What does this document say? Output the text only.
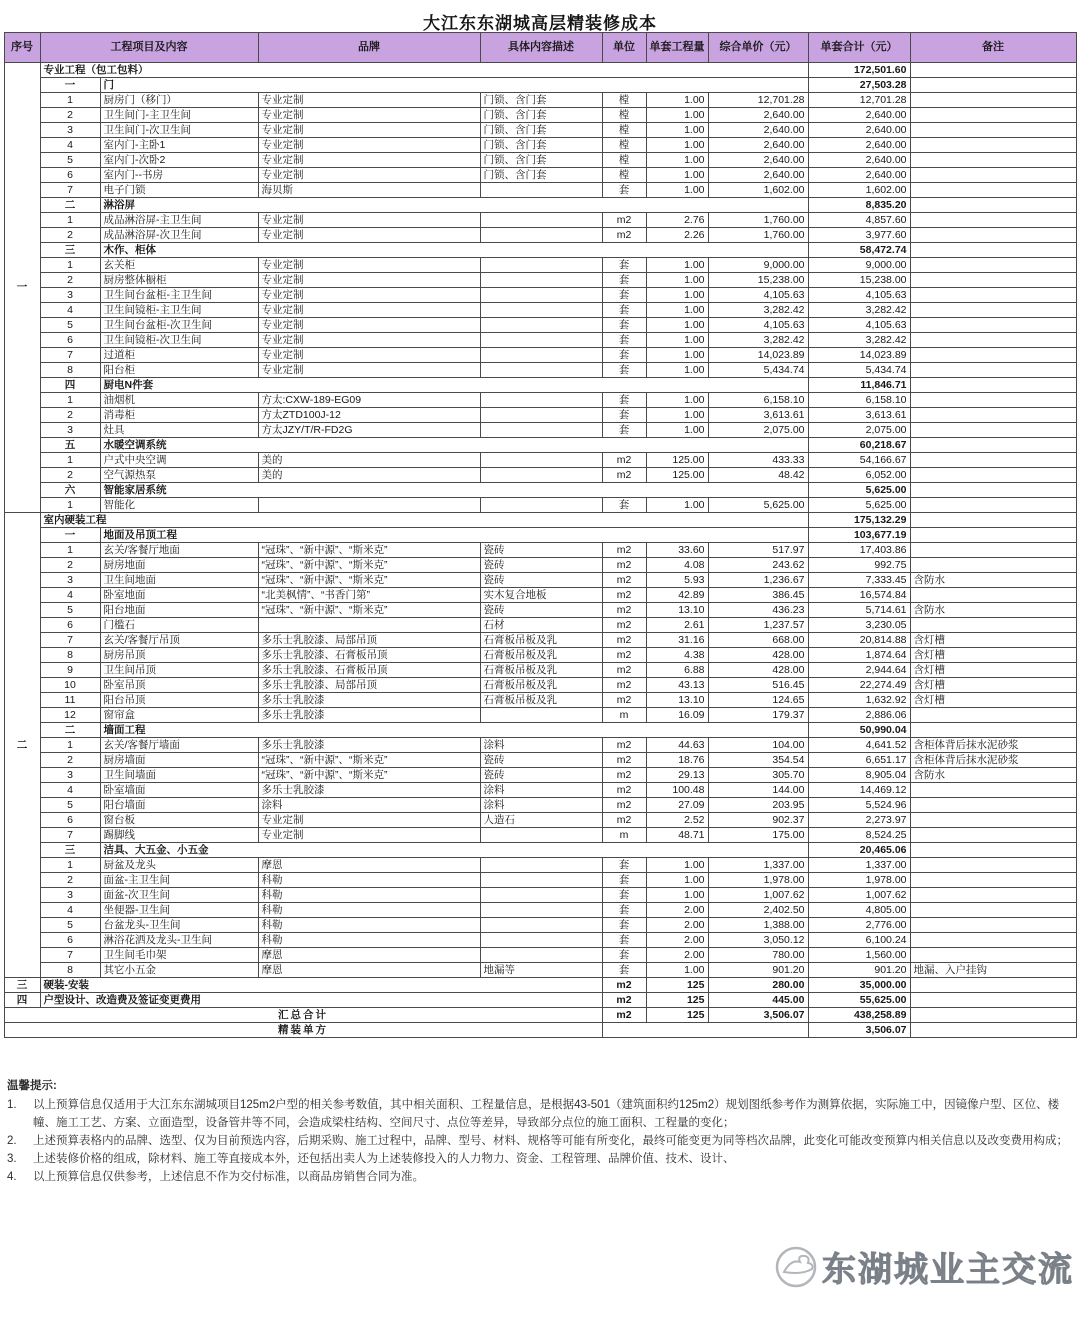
大江东东湖城高层精装修成本
序号	工程项目及内容		品牌	具体内容描述	单位	单套工程量	综合单价（元）	单套合计（元）	备注
一	专业工程（包工包料）							172,501.60	
	一	门						27,503.28	
	1	厨房门（移门）	专业定制	门锁、含门套	樘	1.00	12,701.28	12,701.28	
	2	卫生间门-主卫生间	专业定制	门锁、含门套	樘	1.00	2,640.00	2,640.00	
	3	卫生间门-次卫生间	专业定制	门锁、含门套	樘	1.00	2,640.00	2,640.00	
	4	室内门-主卧1	专业定制	门锁、含门套	樘	1.00	2,640.00	2,640.00	
	5	室内门-次卧2	专业定制	门锁、含门套	樘	1.00	2,640.00	2,640.00	
	6	室内门--书房	专业定制	门锁、含门套	樘	1.00	2,640.00	2,640.00	
	7	电子门锁	海贝斯		套	1.00	1,602.00	1,602.00	
	二	淋浴屏						8,835.20	
	1	成品淋浴屏-主卫生间	专业定制		m2	2.76	1,760.00	4,857.60	
	2	成品淋浴屏-次卫生间	专业定制		m2	2.26	1,760.00	3,977.60	
	三	木作、柜体						58,472.74	
	1	玄关柜	专业定制		套	1.00	9,000.00	9,000.00	
	2	厨房整体橱柜	专业定制		套	1.00	15,238.00	15,238.00	
	3	卫生间台盆柜-主卫生间	专业定制		套	1.00	4,105.63	4,105.63	
	4	卫生间镜柜-主卫生间	专业定制		套	1.00	3,282.42	3,282.42	
	5	卫生间台盆柜-次卫生间	专业定制		套	1.00	4,105.63	4,105.63	
	6	卫生间镜柜-次卫生间	专业定制		套	1.00	3,282.42	3,282.42	
	7	过道柜	专业定制		套	1.00	14,023.89	14,023.89	
	8	阳台柜	专业定制		套	1.00	5,434.74	5,434.74	
	四	厨电N件套						11,846.71	
	1	油烟机	方太:CXW-189-EG09		套	1.00	6,158.10	6,158.10	
	2	消毒柜	方太ZTD100J-12		套	1.00	3,613.61	3,613.61	
	3	灶具	方太JZY/T/R-FD2G		套	1.00	2,075.00	2,075.00	
	五	水暖空调系统						60,218.67	
	1	户式中央空调	美的		m2	125.00	433.33	54,166.67	
	2	空气源热泵	美的		m2	125.00	48.42	6,052.00	
	六	智能家居系统						5,625.00	
	1	智能化			套	1.00	5,625.00	5,625.00	
二	室内硬装工程							175,132.29	
	一	地面及吊顶工程						103,677.19	
	1	玄关/客餐厅地面	“冠珠”、“新中源”、“斯米克”	瓷砖	m2	33.60	517.97	17,403.86	
	2	厨房地面	“冠珠”、“新中源”、“斯米克”	瓷砖	m2	4.08	243.62	992.75	
	3	卫生间地面	“冠珠”、“新中源”、“斯米克”	瓷砖	m2	5.93	1,236.67	7,333.45	含防水
	4	卧室地面	“北美枫情”、“书香门第”	实木复合地板	m2	42.89	386.45	16,574.84	
	5	阳台地面	“冠珠”、“新中源”、“斯米克”	瓷砖	m2	13.10	436.23	5,714.61	含防水
	6	门槛石		石材	m2	2.61	1,237.57	3,230.05	
	7	玄关/客餐厅吊顶	多乐士乳胶漆、局部吊顶	石膏板吊板及乳	m2	31.16	668.00	20,814.88	含灯槽
	8	厨房吊顶	多乐士乳胶漆、石膏板吊顶	石膏板吊板及乳	m2	4.38	428.00	1,874.64	含灯槽
	9	卫生间吊顶	多乐士乳胶漆、石膏板吊顶	石膏板吊板及乳	m2	6.88	428.00	2,944.64	含灯槽
	10	卧室吊顶	多乐士乳胶漆、局部吊顶	石膏板吊板及乳	m2	43.13	516.45	22,274.49	含灯槽
	11	阳台吊顶	多乐士乳胶漆	石膏板吊板及乳	m2	13.10	124.65	1,632.92	含灯槽
	12	窗帘盒	多乐士乳胶漆		m	16.09	179.37	2,886.06	
	二	墙面工程						50,990.04	
	1	玄关/客餐厅墙面	多乐士乳胶漆	涂料	m2	44.63	104.00	4,641.52	含柜体背后抹水泥砂浆
	2	厨房墙面	“冠珠”、“新中源”、“斯米克”	瓷砖	m2	18.76	354.54	6,651.17	含柜体背后抹水泥砂浆
	3	卫生间墙面	“冠珠”、“新中源”、“斯米克”	瓷砖	m2	29.13	305.70	8,905.04	含防水
	4	卧室墙面	多乐士乳胶漆	涂料	m2	100.48	144.00	14,469.12	
	5	阳台墙面	涂料	涂料	m2	27.09	203.95	5,524.96	
	6	窗台板	专业定制	人造石	m2	2.52	902.37	2,273.97	
	7	踢脚线	专业定制		m	48.71	175.00	8,524.25	
	三	洁具、大五金、小五金						20,465.06	
	1	厨盆及龙头	摩恩		套	1.00	1,337.00	1,337.00	
	2	面盆-主卫生间	科勒		套	1.00	1,978.00	1,978.00	
	3	面盆-次卫生间	科勒		套	1.00	1,007.62	1,007.62	
	4	坐便器-卫生间	科勒		套	2.00	2,402.50	4,805.00	
	5	台盆龙头-卫生间	科勒		套	2.00	1,388.00	2,776.00	
	6	淋浴花洒及龙头-卫生间	科勒		套	2.00	3,050.12	6,100.24	
	7	卫生间毛巾架	摩恩		套	2.00	780.00	1,560.00	
	8	其它小五金	摩恩	地漏等	套	1.00	901.20	901.20	地漏、入户挂钩
三	硬装-安装				m2	125	280.00	35,000.00	
四	户型设计、改造费及签证变更费用				m2	125	445.00	55,625.00	
汇总合计					m2	125	3,506.07	438,258.89	
精装单方								3,506.07	
温馨提示:
1.	以上预算信息仅适用于大江东东湖城项目125m2户型的相关参考数值，其中相关面积、工程量信息，是根据43-501（建筑面积约125m2）规划图纸参考作为测算依据，实际施工中，因镜像户型、区位、楼幢、施工工艺、方案、立面造型，设备管井等不同，会造成梁柱结构、空间尺寸、点位等差异，导致部分点位的施工面积、工程量的变化；
2.	上述预算表格内的品牌、选型、仅为目前预选内容，后期采购、施工过程中，品牌、型号、材料、规格等可能有所变化，最终可能变更为同等档次品牌，此变化可能改变预算内相关信息以及改变费用构成；
3.	上述装修价格的组成，除材料、施工等直接成本外，还包括出卖人为上述装修投入的人力物力、资金、工程管理、品牌价值、技术、设计、
4.	以上预算信息仅供参考，上述信息不作为交付标准，以商品房销售合同为准。
东湖城业主交流
